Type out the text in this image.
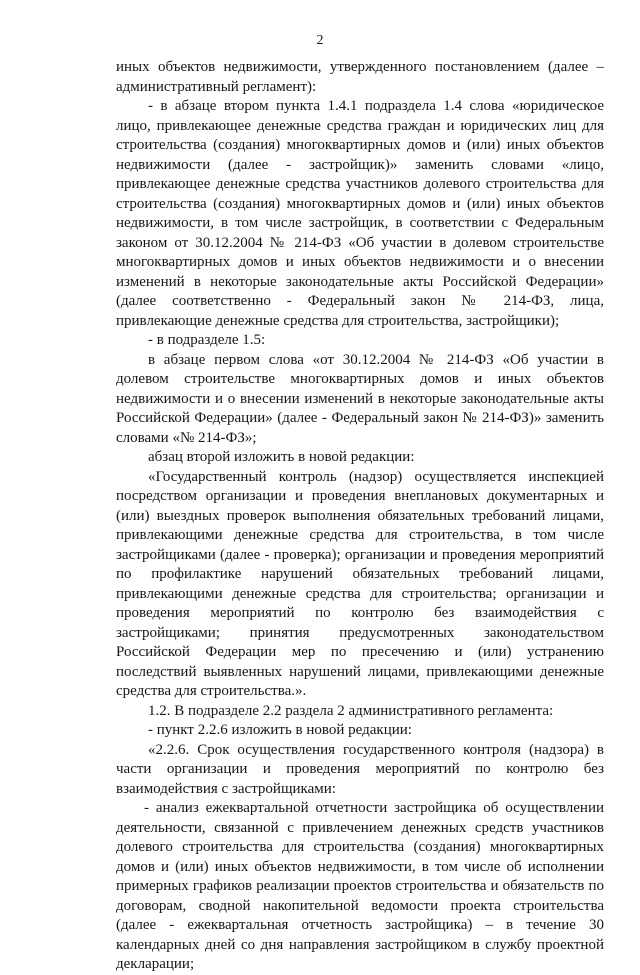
2

иных объектов недвижимости, утвержденного постановлением (далее – административный регламент):

- в абзаце втором пункта 1.4.1 подраздела 1.4 слова «юридическое лицо, привлекающее денежные средства граждан и юридических лиц для строительства (создания) многоквартирных домов и (или) иных объектов недвижимости (далее - застройщик)» заменить словами «лицо, привлекающее денежные средства участников долевого строительства для строительства (создания) многоквартирных домов и (или) иных объектов недвижимости, в том числе застройщик, в соответствии с Федеральным законом от 30.12.2004 № 214-ФЗ «Об участии в долевом строительстве многоквартирных домов и иных объектов недвижимости и о внесении изменений в некоторые законодательные акты Российской Федерации» (далее соответственно - Федеральный закон № 214-ФЗ, лица, привлекающие денежные средства для строительства, застройщики);

- в подразделе 1.5:

в абзаце первом слова «от 30.12.2004 № 214-ФЗ «Об участии в долевом строительстве многоквартирных домов и иных объектов недвижимости и о внесении изменений в некоторые законодательные акты Российской Федерации» (далее - Федеральный закон № 214-ФЗ)» заменить словами «№ 214-ФЗ»;

абзац второй изложить в новой редакции:

«Государственный контроль (надзор) осуществляется инспекцией посредством организации и проведения внеплановых документарных и (или) выездных проверок выполнения обязательных требований лицами, привлекающими денежные средства для строительства, в том числе застройщиками (далее - проверка); организации и проведения мероприятий по профилактике нарушений обязательных требований лицами, привлекающими денежные средства для строительства; организации и проведения мероприятий по контролю без взаимодействия с застройщиками; принятия предусмотренных законодательством Российской Федерации мер по пресечению и (или) устранению последствий выявленных нарушений лицами, привлекающими денежные средства для строительства.».

1.2. В подразделе 2.2 раздела 2 административного регламента:

- пункт 2.2.6 изложить в новой редакции:

«2.2.6. Срок осуществления государственного контроля (надзора) в части организации и проведения мероприятий по контролю без взаимодействия с застройщиками:

- анализ ежеквартальной отчетности застройщика об осуществлении деятельности, связанной с привлечением денежных средств участников долевого строительства для строительства (создания) многоквартирных домов и (или) иных объектов недвижимости, в том числе об исполнении примерных графиков реализации проектов строительства и обязательств по договорам, сводной накопительной ведомости проекта строительства (далее - ежеквартальная отчетность застройщика) – в течение 30 календарных дней со дня направления застройщиком в службу проектной декларации;
